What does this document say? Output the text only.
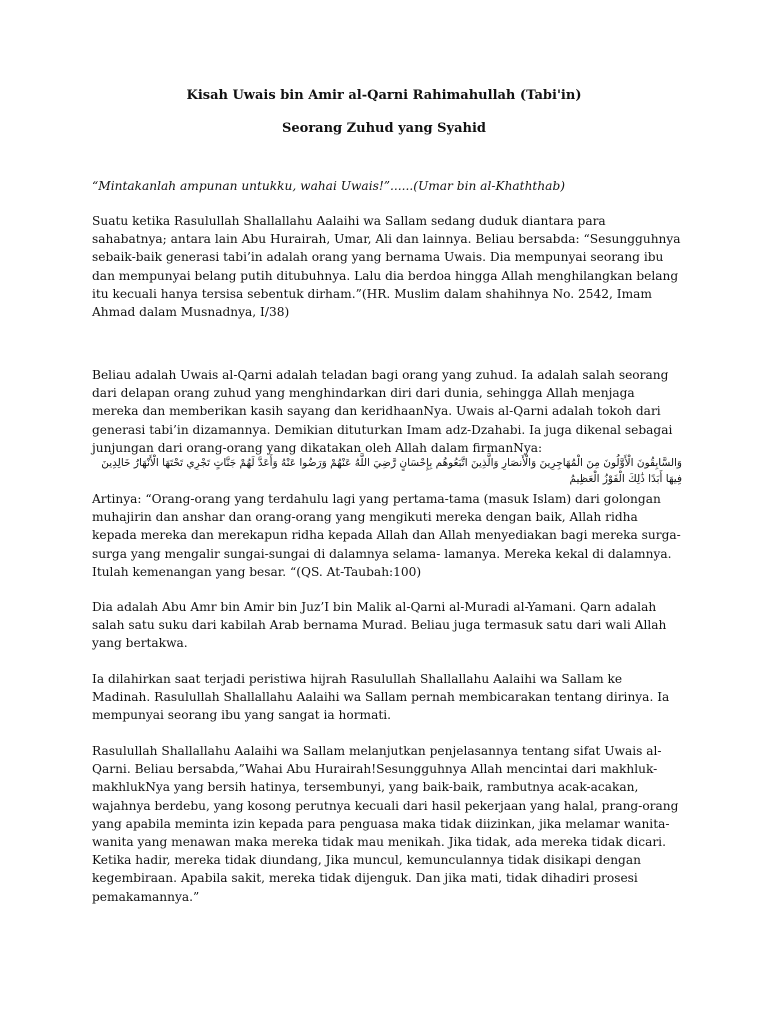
Kisah Uwais bin Amir al-Qarni Rahimahullah (Tabi'in)
Seorang Zuhud yang Syahid
“Mintakanlah ampunan untukku, wahai Uwais!”......(Umar bin al-Khaththab)

Suatu ketika Rasulullah Shallallahu Aalaihi wa Sallam sedang duduk diantara para sahabatnya; antara lain Abu Hurairah, Umar, Ali dan lainnya. Beliau bersabda: “Sesungguhnya sebaik-baik generasi tabi’in adalah orang yang bernama Uwais. Dia mempunyai seorang ibu dan mempunyai belang putih ditubuhnya. Lalu dia berdoa hingga Allah menghilangkan belang itu kecuali hanya tersisa sebentuk dirham.”(HR. Muslim dalam shahihnya No. 2542, Imam Ahmad dalam Musnadnya, I/38)

Beliau adalah Uwais al-Qarni adalah teladan bagi orang yang zuhud. Ia adalah salah seorang dari delapan orang zuhud yang menghindarkan diri dari dunia, sehingga Allah menjaga mereka dan memberikan kasih sayang dan keridhaanNya. Uwais al-Qarni adalah tokoh dari generasi tabi’in dizamannya. Demikian dituturkan Imam adz-Dzahabi. Ia juga dikenal sebagai junjungan dari orang-orang yang dikatakan oleh Allah dalam firmanNya:

وَالسَّابِقُونَ الْأَوَّلُونَ مِنَ الْمُهَاجِرِينَ وَالْأَنصَارِ وَالَّذِينَ اتَّبَعُوهُم بِإِحْسَانٍ رَّضِيَ اللَّهُ عَنْهُمْ وَرَضُوا عَنْهُ وَأَعَدَّ لَهُمْ جَنَّاتٍ تَجْرِي تَحْتَهَا الْأَنْهَارُ خَالِدِينَ فِيهَا أَبَدًا ذَٰلِكَ الْفَوْزُ الْعَظِيمُ

Artinya: “Orang-orang yang terdahulu lagi yang pertama-tama (masuk Islam) dari golongan muhajirin dan anshar dan orang-orang yang mengikuti mereka dengan baik, Allah ridha kepada mereka dan merekapun ridha kepada Allah dan Allah menyediakan bagi mereka surga-surga yang mengalir sungai-sungai di dalamnya selama- lamanya. Mereka kekal di dalamnya. Itulah kemenangan yang besar. “(QS. At-Taubah:100)

Dia adalah Abu Amr bin Amir bin Juz’I bin Malik al-Qarni al-Muradi al-Yamani. Qarn adalah salah satu suku dari kabilah Arab bernama Murad. Beliau juga termasuk satu dari wali Allah yang bertakwa.

Ia dilahirkan saat terjadi peristiwa hijrah Rasulullah Shallallahu Aalaihi wa Sallam ke Madinah. Rasulullah Shallallahu Aalaihi wa Sallam pernah membicarakan tentang dirinya. Ia mempunyai seorang ibu yang sangat ia hormati.

Rasulullah Shallallahu Aalaihi wa Sallam melanjutkan penjelasannya tentang sifat Uwais al-Qarni. Beliau bersabda,”Wahai Abu Hurairah!Sesungguhnya Allah mencintai dari makhluk-makhlukNya yang bersih hatinya, tersembunyi, yang baik-baik, rambutnya acak-acakan, wajahnya berdebu, yang kosong perutnya kecuali dari hasil pekerjaan yang halal, prang-orang yang apabila meminta izin kepada para penguasa maka tidak diizinkan, jika melamar wanita-wanita yang menawan maka mereka tidak mau menikah. Jika tidak, ada mereka tidak dicari. Ketika hadir, mereka tidak diundang, Jika muncul, kemunculannya tidak disikapi dengan kegembiraan. Apabila sakit, mereka tidak dijenguk. Dan jika mati, tidak dihadiri prosesi pemakamannya.”
